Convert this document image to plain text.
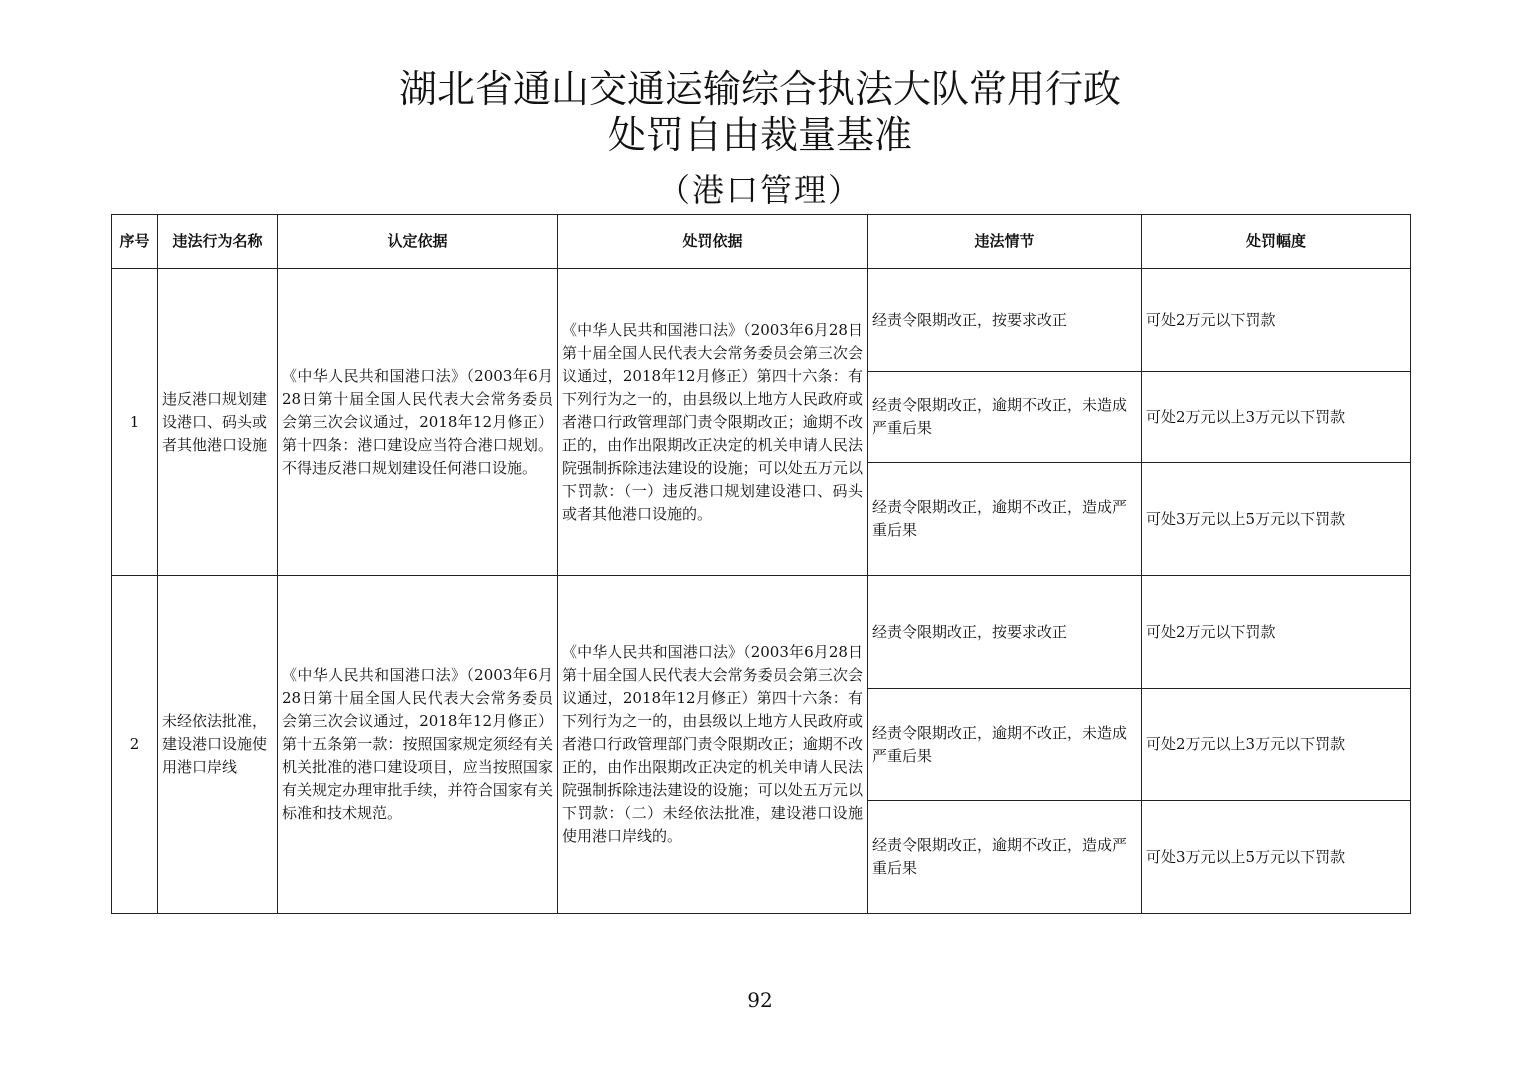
湖北省通山交通运输综合执法大队常用行政
处罚自由裁量基准
（港口管理）
序号	违法行为名称	认定依据	处罚依据	违法情节	处罚幅度
1	违反港口规划建设港口、码头或者其他港口设施	《中华人民共和国港口法》（2003年6月28日第十届全国人民代表大会常务委员会第三次会议通过，2018年12月修正）第十四条：港口建设应当符合港口规划。不得违反港口规划建设任何港口设施。	《中华人民共和国港口法》（2003年6月28日第十届全国人民代表大会常务委员会第三次会议通过，2018年12月修正）第四十六条：有下列行为之一的，由县级以上地方人民政府或者港口行政管理部门责令限期改正；逾期不改正的，由作出限期改正决定的机关申请人民法院强制拆除违法建设的设施；可以处五万元以下罚款：（一）违反港口规划建设港口、码头或者其他港口设施的。	经责令限期改正，按要求改正	可处2万元以下罚款
				经责令限期改正，逾期不改正，未造成严重后果	可处2万元以上3万元以下罚款
				经责令限期改正，逾期不改正，造成严重后果	可处3万元以上5万元以下罚款
2	未经依法批准，建设港口设施使用港口岸线	《中华人民共和国港口法》（2003年6月28日第十届全国人民代表大会常务委员会第三次会议通过，2018年12月修正）第十五条第一款：按照国家规定须经有关机关批准的港口建设项目，应当按照国家有关规定办理审批手续，并符合国家有关标准和技术规范。	《中华人民共和国港口法》（2003年6月28日第十届全国人民代表大会常务委员会第三次会议通过，2018年12月修正）第四十六条：有下列行为之一的，由县级以上地方人民政府或者港口行政管理部门责令限期改正；逾期不改正的，由作出限期改正决定的机关申请人民法院强制拆除违法建设的设施；可以处五万元以下罚款：（二）未经依法批准，建设港口设施使用港口岸线的。	经责令限期改正，按要求改正	可处2万元以下罚款
				经责令限期改正，逾期不改正，未造成严重后果	可处2万元以上3万元以下罚款
				经责令限期改正，逾期不改正，造成严重后果	可处3万元以上5万元以下罚款
92
